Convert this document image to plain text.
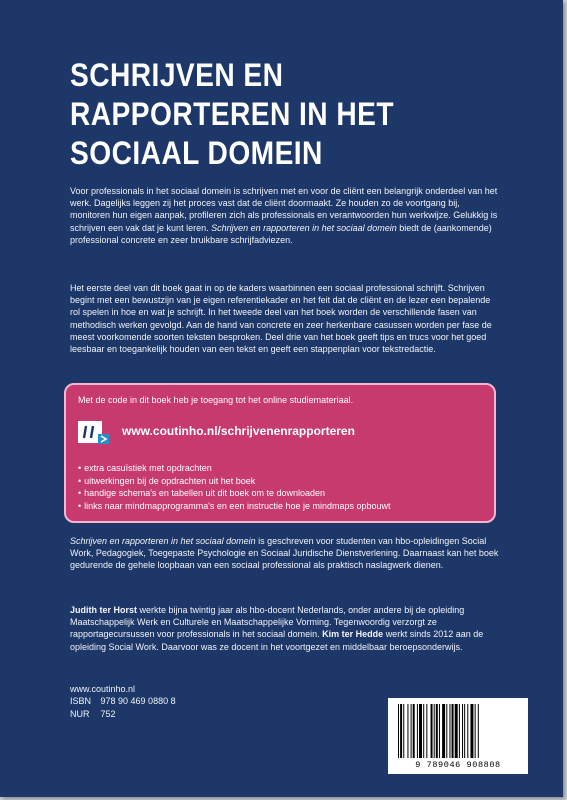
SCHRIJVEN EN RAPPORTEREN IN HET SOCIAAL DOMEIN
Voor professionals in het sociaal domein is schrijven met en voor de cliënt een belangrijk onderdeel van het werk. Dagelijks leggen zij het proces vast dat de cliënt doormaakt. Ze houden zo de voortgang bij, monitoren hun eigen aanpak, profileren zich als professionals en verantwoorden hun werkwijze. Gelukkig is schrijven een vak dat je kunt leren. Schrijven en rapporteren in het sociaal domein biedt de (aankomende) professional concrete en zeer bruikbare schrijfadviezen.
Het eerste deel van dit boek gaat in op de kaders waarbinnen een sociaal professional schrijft. Schrijven begint met een bewustzijn van je eigen referentiekader en het feit dat de cliënt en de lezer een bepalende rol spelen in hoe en wat je schrijft. In het tweede deel van het boek worden de verschillende fasen van methodisch werken gevolgd. Aan de hand van concrete en zeer herkenbare casussen worden per fase de meest voorkomende soorten teksten besproken. Deel drie van het boek geeft tips en trucs voor het goed leesbaar en toegankelijk houden van een tekst en geeft een stappenplan voor tekstredactie.
Met de code in dit boek heb je toegang tot het online studiemateriaal.
www.coutinho.nl/schrijvenenrapporteren
• extra casuïstiek met opdrachten
• uitwerkingen bij de opdrachten uit het boek
• handige schema's en tabellen uit dit boek om te downloaden
• links naar mindmapprogramma's en een instructie hoe je mindmaps opbouwt
Schrijven en rapporteren in het sociaal domein is geschreven voor studenten van hbo-opleidingen Social Work, Pedagogiek, Toegepaste Psychologie en Sociaal Juridische Dienstverlening. Daarnaast kan het boek gedurende de gehele loopbaan van een sociaal professional als praktisch naslagwerk dienen.
Judith ter Horst werkte bijna twintig jaar als hbo-docent Nederlands, onder andere bij de opleiding Maatschappelijk Werk en Culturele en Maatschappelijke Vorming. Tegenwoordig verzorgt ze rapportagecursussen voor professionals in het sociaal domein. Kim ter Hedde werkt sinds 2012 aan de opleiding Social Work. Daarvoor was ze docent in het voortgezet en middelbaar beroepsonderwijs.
www.coutinho.nl
ISBN 978 90 469 0880 8
NUR 752
9 789046 908808
